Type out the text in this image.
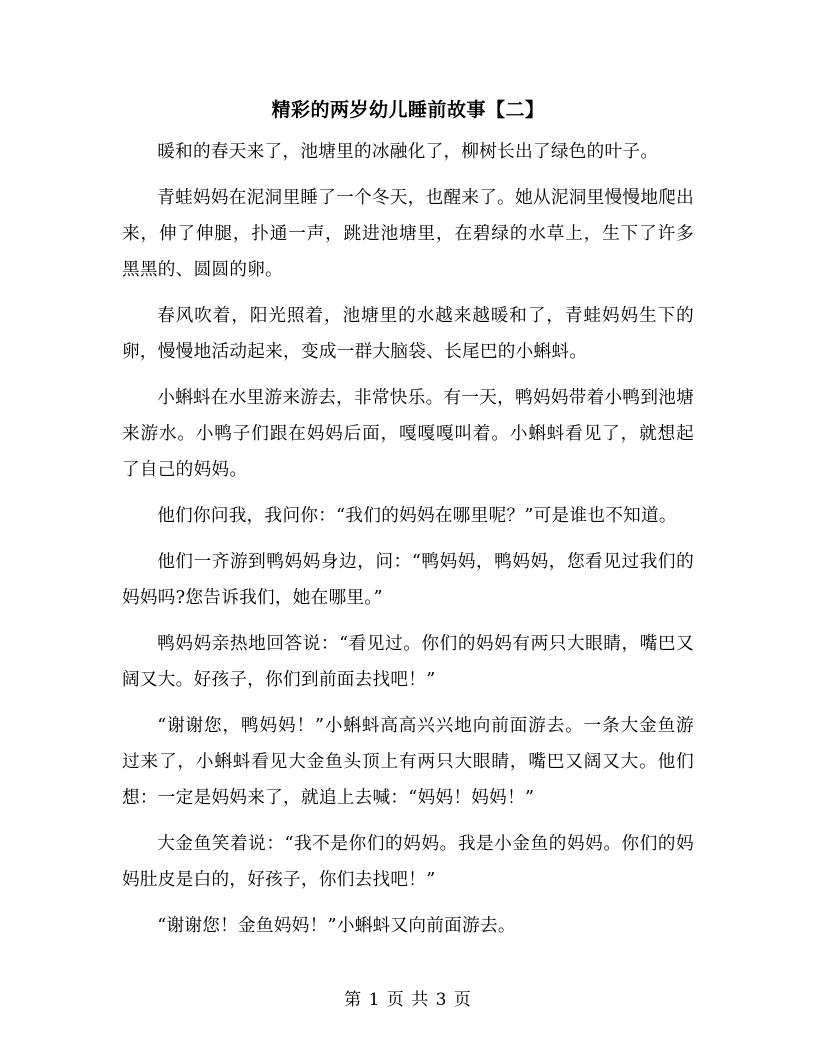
精彩的两岁幼儿睡前故事【二】

暖和的春天来了，池塘里的冰融化了，柳树长出了绿色的叶子。

青蛙妈妈在泥洞里睡了一个冬天，也醒来了。她从泥洞里慢慢地爬出来，伸了伸腿，扑通一声，跳进池塘里，在碧绿的水草上，生下了许多黑黑的、圆圆的卵。

春风吹着，阳光照着，池塘里的水越来越暖和了，青蛙妈妈生下的卵，慢慢地活动起来，变成一群大脑袋、长尾巴的小蝌蚪。

小蝌蚪在水里游来游去，非常快乐。有一天，鸭妈妈带着小鸭到池塘来游水。小鸭子们跟在妈妈后面，嘎嘎嘎叫着。小蝌蚪看见了，就想起了自己的妈妈。

他们你问我，我问你：“我们的妈妈在哪里呢？”可是谁也不知道。

他们一齐游到鸭妈妈身边，问：“鸭妈妈，鸭妈妈，您看见过我们的妈妈吗?您告诉我们，她在哪里。”

鸭妈妈亲热地回答说：“看见过。你们的妈妈有两只大眼睛，嘴巴又阔又大。好孩子，你们到前面去找吧！”

“谢谢您，鸭妈妈！”小蝌蚪高高兴兴地向前面游去。一条大金鱼游过来了，小蝌蚪看见大金鱼头顶上有两只大眼睛，嘴巴又阔又大。他们想：一定是妈妈来了，就追上去喊：“妈妈！妈妈！”

大金鱼笑着说：“我不是你们的妈妈。我是小金鱼的妈妈。你们的妈妈肚皮是白的，好孩子，你们去找吧！”

“谢谢您！金鱼妈妈！”小蝌蚪又向前面游去。

第 1 页 共 3 页
